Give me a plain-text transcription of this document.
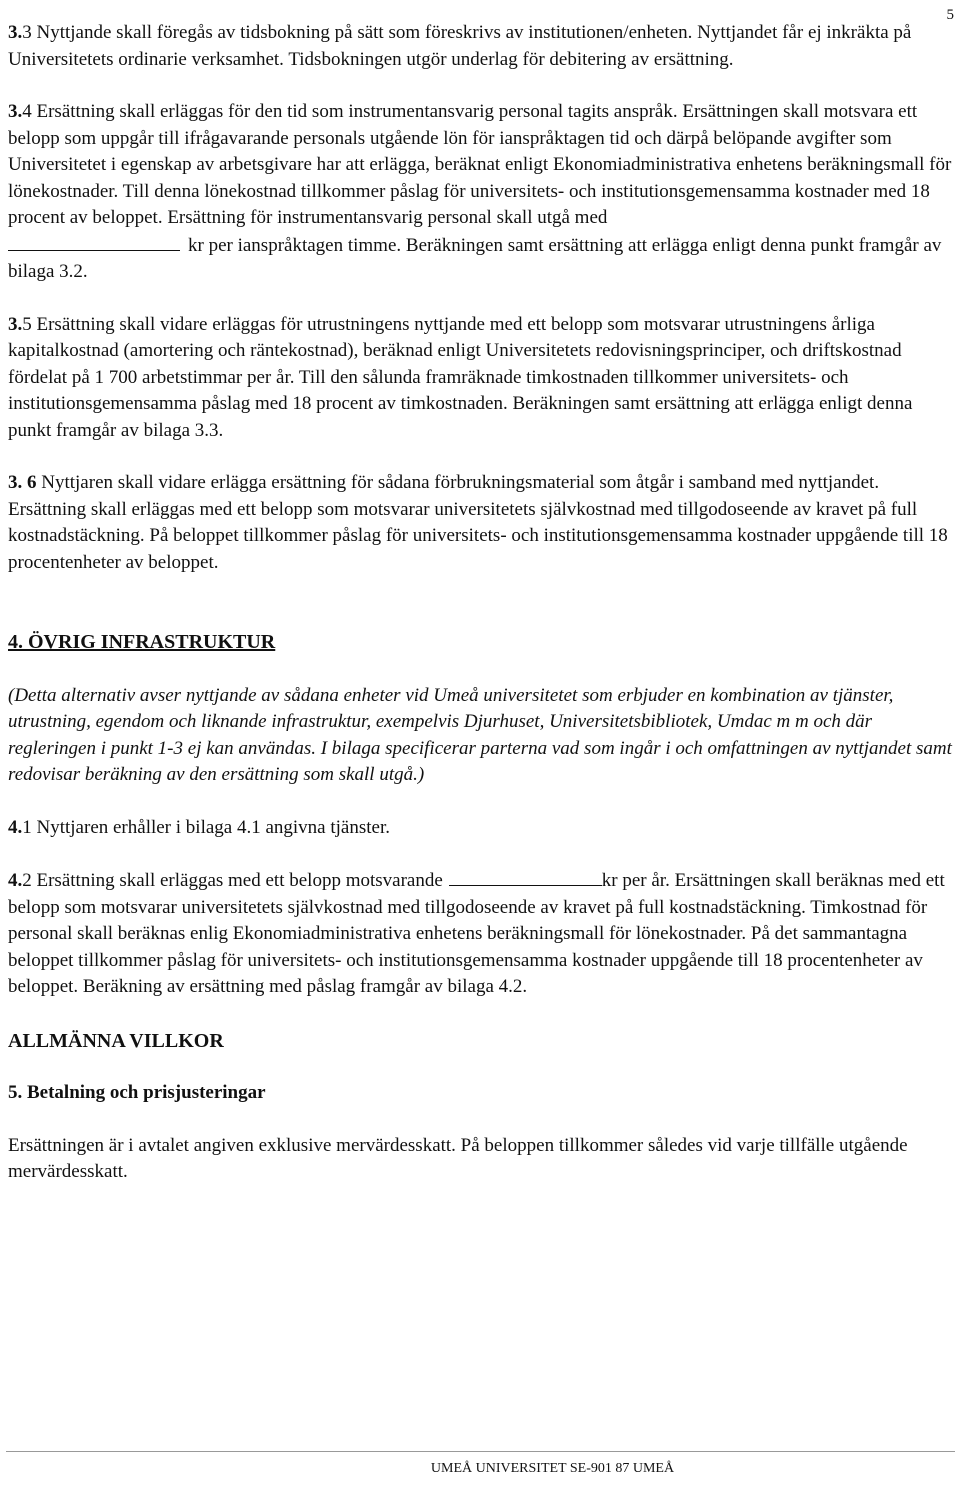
5

3.3 Nyttjande skall föregås av tidsbokning på sätt som föreskrivs av institutionen/enheten. Nyttjandet får ej inkräkta på Universitetets ordinarie verksamhet. Tidsbokningen utgör underlag för debitering av ersättning.

3.4 Ersättning skall erläggas för den tid som instrumentansvarig personal tagits anspråk. Ersättningen skall motsvara ett belopp som uppgår till ifrågavarande personals utgående lön för ianspråktagen tid och därpå belöpande avgifter som Universitetet i egenskap av arbetsgivare har att erlägga, beräknat enligt Ekonomiadministrativa enhetens beräkningsmall för lönekostnader. Till denna lönekostnad tillkommer påslag för universitets- och institutionsgemensamma kostnader med 18 procent av beloppet. Ersättning för instrumentansvarig personal skall utgå med
kr per ianspråktagen timme. Beräkningen samt ersättning att erlägga enligt denna punkt framgår av bilaga 3.2.

3.5 Ersättning skall vidare erläggas för utrustningens nyttjande med ett belopp som motsvarar utrustningens årliga kapitalkostnad (amortering och räntekostnad), beräknad enligt Universitetets redovisningsprinciper, och driftskostnad fördelat på 1 700 arbetstimmar per år. Till den sålunda framräknade timkostnaden tillkommer universitets- och institutionsgemensamma påslag med 18 procent av timkostnaden. Beräkningen samt ersättning att erlägga enligt denna punkt framgår av bilaga 3.3.

3. 6 Nyttjaren skall vidare erlägga ersättning för sådana förbrukningsmaterial som åtgår i samband med nyttjandet. Ersättning skall erläggas med ett belopp som motsvarar universitetets självkostnad med tillgodoseende av kravet på full kostnadstäckning. På beloppet tillkommer påslag för universitets- och institutionsgemensamma kostnader uppgående till 18 procentenheter av beloppet.

4. ÖVRIG INFRASTRUKTUR

(Detta alternativ avser nyttjande av sådana enheter vid Umeå universitetet som erbjuder en kombination av tjänster, utrustning, egendom och liknande infrastruktur, exempelvis Djurhuset, Universitetsbibliotek, Umdac m m och där regleringen i punkt 1-3 ej kan användas. I bilaga specificerar parterna vad som ingår i och omfattningen av nyttjandet samt redovisar beräkning av den ersättning som skall utgå.)

4.1 Nyttjaren erhåller i bilaga 4.1 angivna tjänster.

4.2 Ersättning skall erläggas med ett belopp motsvarande	kr per år. Ersättningen skall beräknas med ett belopp som motsvarar universitetets självkostnad med tillgodoseende av kravet på full kostnadstäckning. Timkostnad för personal skall beräknas enlig Ekonomiadministrativa enhetens beräkningsmall för lönekostnader. På det sammantagna beloppet tillkommer påslag för universitets- och institutionsgemensamma kostnader uppgående till 18 procentenheter av beloppet. Beräkning av ersättning med påslag framgår av bilaga 4.2.

ALLMÄNNA VILLKOR

5. Betalning och prisjusteringar

Ersättningen är i avtalet angiven exklusive mervärdesskatt. På beloppen tillkommer således vid varje tillfälle utgående mervärdesskatt.

UMEÅ UNIVERSITET SE-901 87 UMEÅ
